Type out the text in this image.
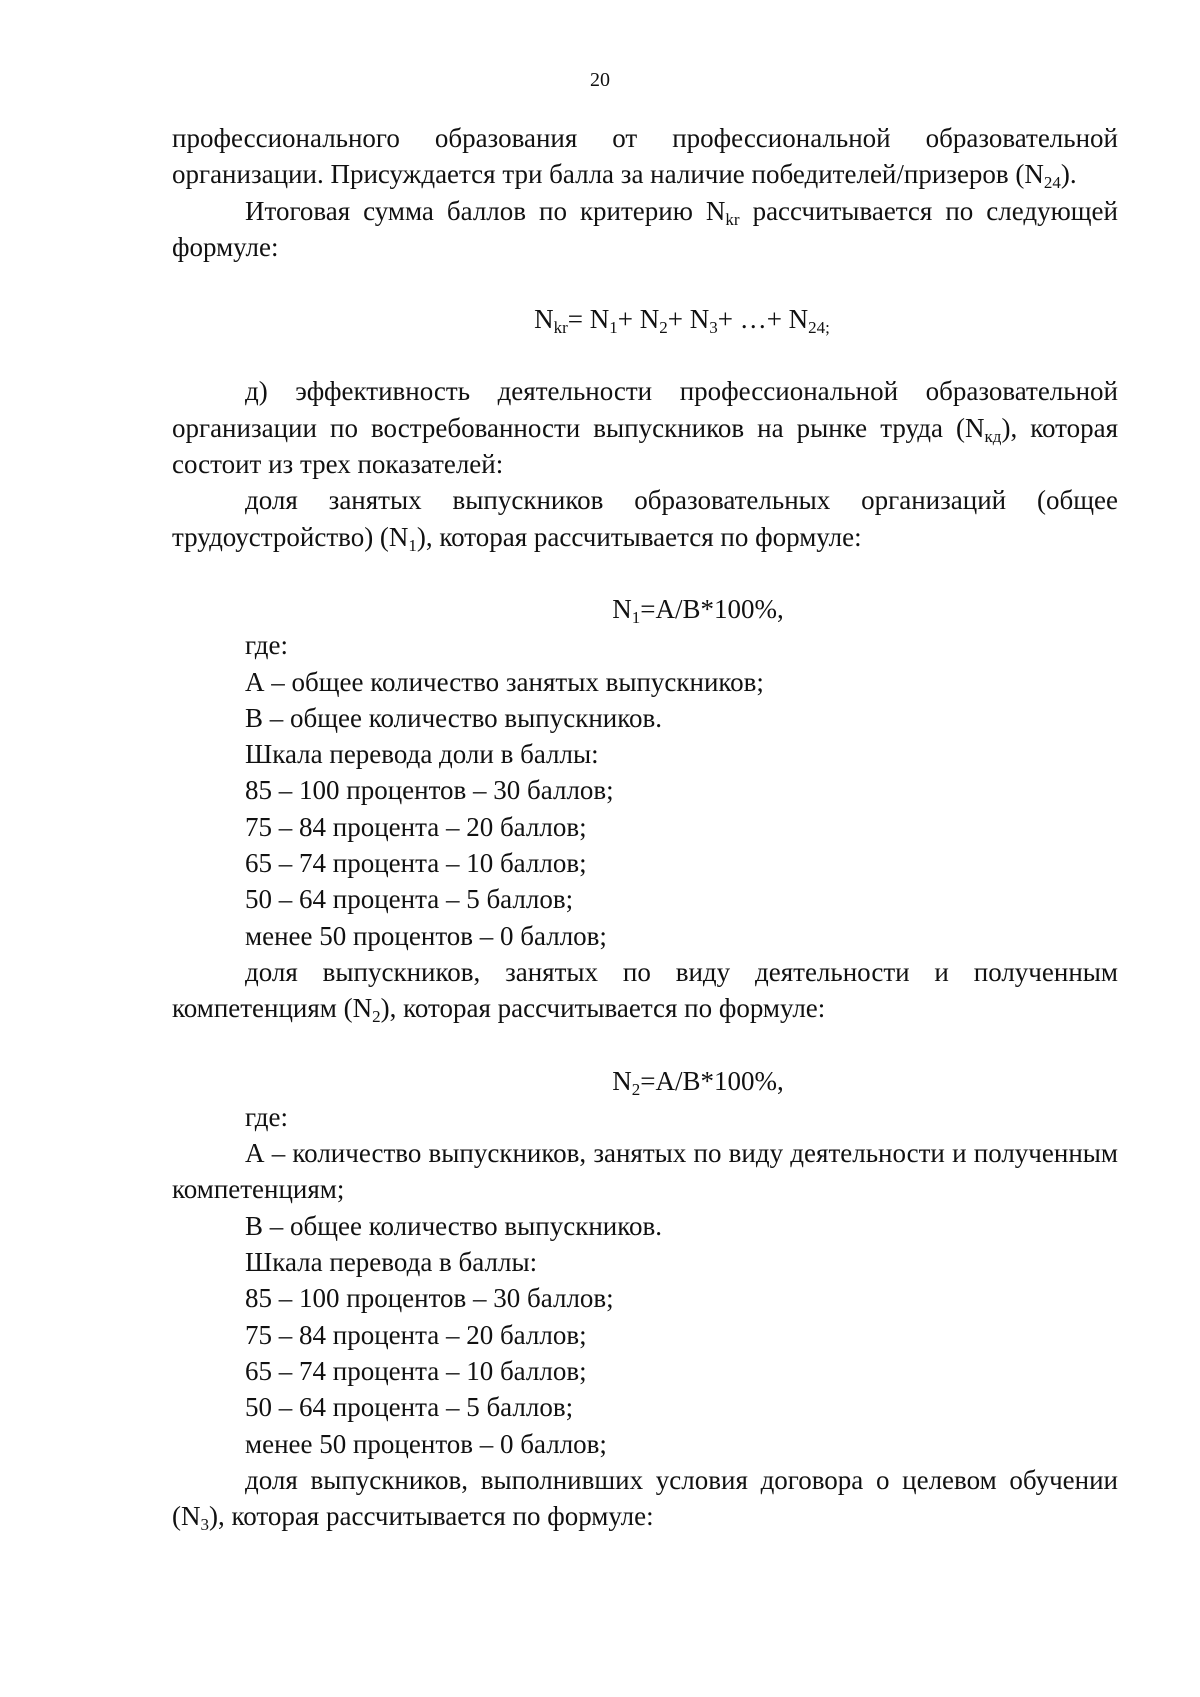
20

профессионального образования от профессиональной образовательной организации. Присуждается три балла за наличие победителей/призеров $(N_{24})$.

Итоговая сумма баллов по критерию $N_{kr}$ рассчитывается по следующей формуле:

$N_{kr}= N_1+ N_2+ N_3+$ …+ $N_{24;}$

д) эффективность деятельности профессиональной образовательной организации по востребованности выпускников на рынке труда $(N_{кд})$, которая состоит из трех показателей:

доля занятых выпускников образовательных организаций (общее трудоустройство) $(N_1)$, которая рассчитывается по формуле:

$N_1=A/B*100\%$,

где:

А – общее количество занятых выпускников;

В – общее количество выпускников.

Шкала перевода доли в баллы:

85 – 100 процентов – 30 баллов;

75 – 84 процента – 20 баллов;

65 – 74 процента – 10 баллов;

50 – 64 процента – 5 баллов;

менее 50 процентов – 0 баллов;

доля выпускников, занятых по виду деятельности и полученным компетенциям $(N_2)$, которая рассчитывается по формуле:

$N_2=A/B*100\%$,

где:

А – количество выпускников, занятых по виду деятельности и полученным компетенциям;

В – общее количество выпускников.

Шкала перевода в баллы:

85 – 100 процентов – 30 баллов;

75 – 84 процента – 20 баллов;

65 – 74 процента – 10 баллов;

50 – 64 процента – 5 баллов;

менее 50 процентов – 0 баллов;

доля выпускников, выполнивших условия договора о целевом обучении $(N_3)$, которая рассчитывается по формуле:
